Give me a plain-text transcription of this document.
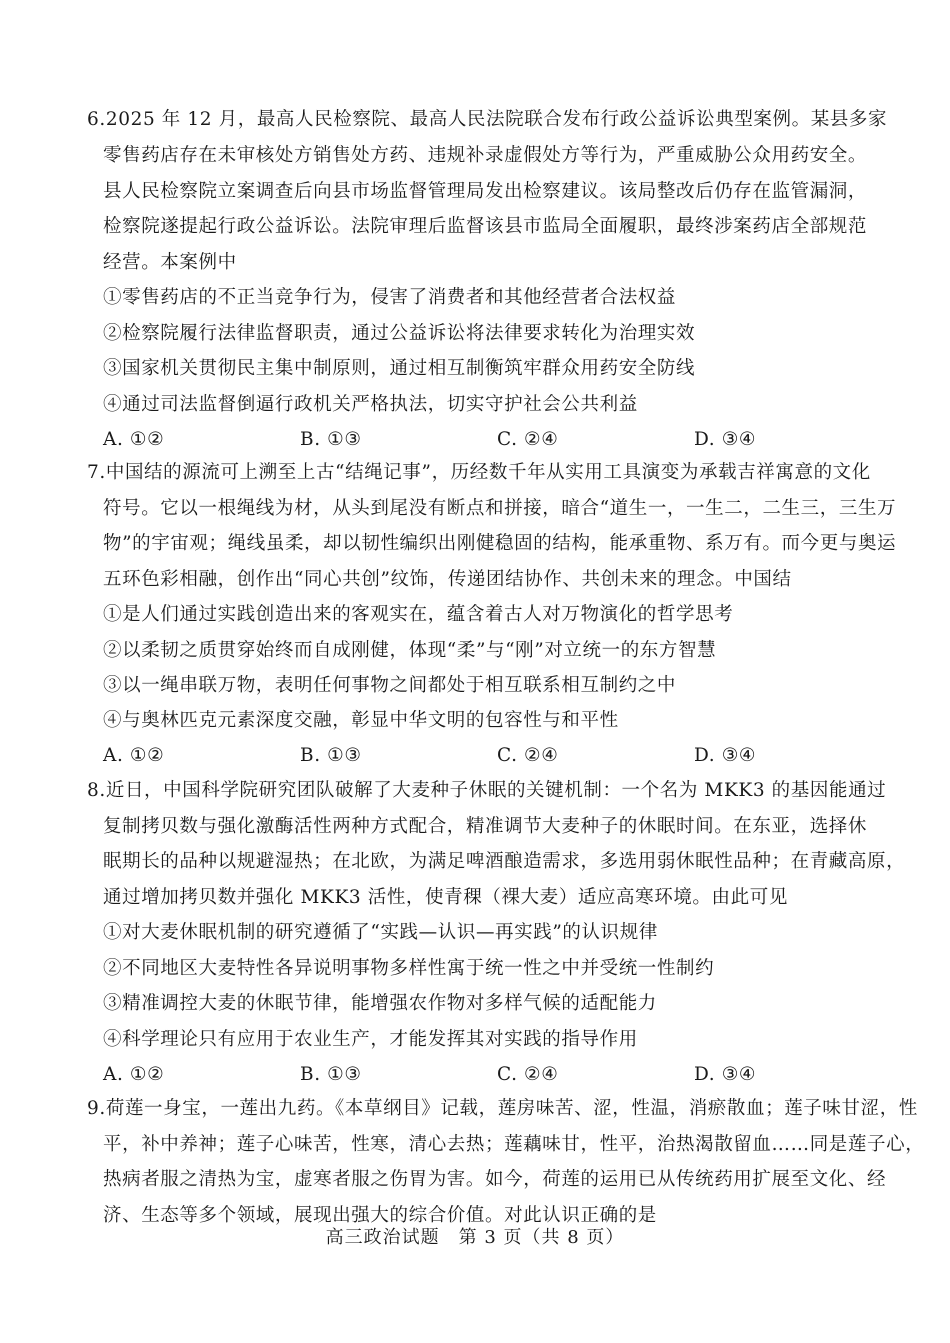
6.2025 年 12 月，最高人民检察院、最高人民法院联合发布行政公益诉讼典型案例。某县多家
零售药店存在未审核处方销售处方药、违规补录虚假处方等行为，严重威胁公众用药安全。
县人民检察院立案调查后向县市场监督管理局发出检察建议。该局整改后仍存在监管漏洞，
检察院遂提起行政公益诉讼。法院审理后监督该县市监局全面履职，最终涉案药店全部规范
经营。本案例中
①零售药店的不正当竞争行为，侵害了消费者和其他经营者合法权益
②检察院履行法律监督职责，通过公益诉讼将法律要求转化为治理实效
③国家机关贯彻民主集中制原则，通过相互制衡筑牢群众用药安全防线
④通过司法监督倒逼行政机关严格执法，切实守护社会公共利益
A. ①②	B. ①③	C. ②④	D. ③④
7.中国结的源流可上溯至上古“结绳记事”，历经数千年从实用工具演变为承载吉祥寓意的文化
符号。它以一根绳线为材，从头到尾没有断点和拼接，暗合“道生一，一生二，二生三，三生万
物”的宇宙观；绳线虽柔，却以韧性编织出刚健稳固的结构，能承重物、系万有。而今更与奥运
五环色彩相融，创作出“同心共创”纹饰，传递团结协作、共创未来的理念。中国结
①是人们通过实践创造出来的客观实在，蕴含着古人对万物演化的哲学思考
②以柔韧之质贯穿始终而自成刚健，体现“柔”与“刚”对立统一的东方智慧
③以一绳串联万物，表明任何事物之间都处于相互联系相互制约之中
④与奥林匹克元素深度交融，彰显中华文明的包容性与和平性
A. ①②	B. ①③	C. ②④	D. ③④
8.近日，中国科学院研究团队破解了大麦种子休眠的关键机制：一个名为 MKK3 的基因能通过
复制拷贝数与强化激酶活性两种方式配合，精准调节大麦种子的休眠时间。在东亚，选择休
眠期长的品种以规避湿热；在北欧，为满足啤酒酿造需求，多选用弱休眠性品种；在青藏高原，
通过增加拷贝数并强化 MKK3 活性，使青稞（裸大麦）适应高寒环境。由此可见
①对大麦休眠机制的研究遵循了“实践—认识—再实践”的认识规律
②不同地区大麦特性各异说明事物多样性寓于统一性之中并受统一性制约
③精准调控大麦的休眠节律，能增强农作物对多样气候的适配能力
④科学理论只有应用于农业生产，才能发挥其对实践的指导作用
A. ①②	B. ①③	C. ②④	D. ③④
9.荷莲一身宝，一莲出九药。《本草纲目》记载，莲房味苦、涩，性温，消瘀散血；莲子味甘涩，性
平，补中养神；莲子心味苦，性寒，清心去热；莲藕味甘，性平，治热渴散留血……同是莲子心，
热病者服之清热为宝，虚寒者服之伤胃为害。如今，荷莲的运用已从传统药用扩展至文化、经
济、生态等多个领域，展现出强大的综合价值。对此认识正确的是
高三政治试题　第 3 页（共 8 页）
